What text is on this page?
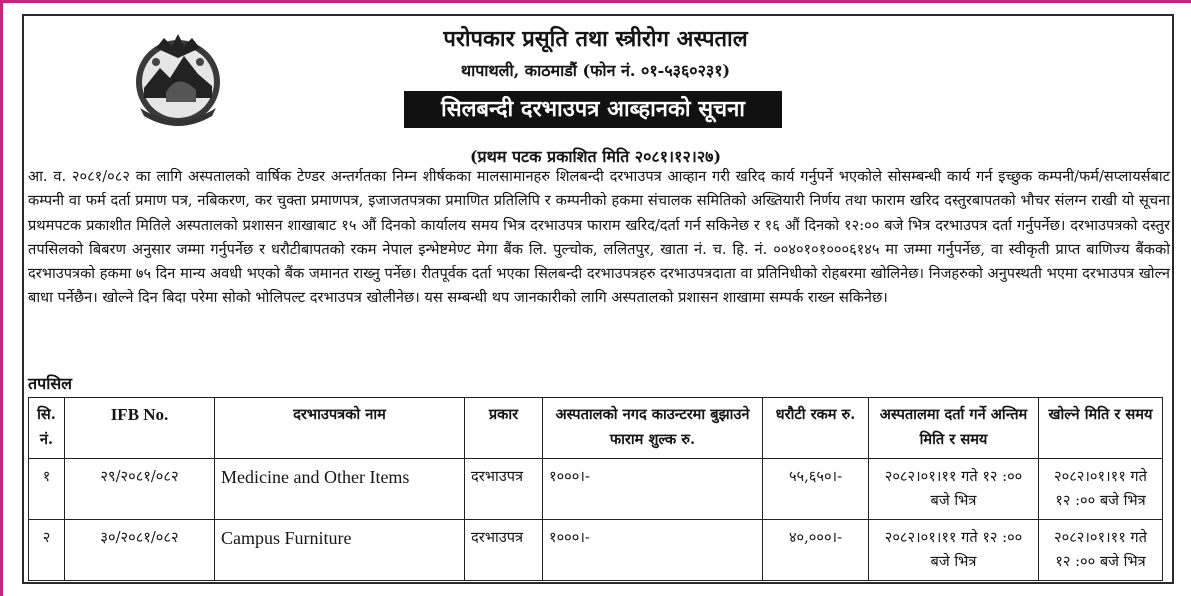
परोपकार प्रसूति तथा स्त्रीरोग अस्पताल
थापाथली, काठमाडौं (फोन नं. ०१-५३६०२३१)
सिलबन्दी दरभाउपत्र आब्हानको सूचना
(प्रथम पटक प्रकाशित मिति २०८१।१२।२७)

आ. व. २०८१/०८२ का लागि अस्पतालको वार्षिक टेण्डर अन्तर्गतका निम्न शीर्षकका मालसामानहरु शिलबन्दी दरभाउपत्र आव्हान गरी खरिद कार्य गर्नुपर्ने भएकोले सोसम्बन्धी कार्य गर्न इच्छुक कम्पनी/फर्म/सप्लायर्सबाट कम्पनी वा फर्म दर्ता प्रमाण पत्र, नबिकरण, कर चुक्ता प्रमाणपत्र, इजाजतपत्रका प्रमाणित प्रतिलिपि र कम्पनीको हकमा संचालक समितिको अख्तियारी निर्णय तथा फाराम खरिद दस्तुरबापतको भौचर संलग्न राखी यो सूचना प्रथमपटक प्रकाशीत मितिले अस्पतालको प्रशासन शाखाबाट १५ औं दिनको कार्यालय समय भित्र दरभाउपत्र फाराम खरिद/दर्ता गर्न सकिनेछ र १६ औं दिनको १२:०० बजे भित्र दरभाउपत्र दर्ता गर्नुपर्नेछ। दरभाउपत्रको दस्तुर तपसिलको बिबरण अनुसार जम्मा गर्नुपर्नेछ र धरौटीबापतको रकम नेपाल इन्भेष्टमेण्ट मेगा बैंक लि. पुल्चोक, ललितपुर, खाता नं. च. हि. नं. ००४०१०१०००६१४५ मा जम्मा गर्नुपर्नेछ, वा स्वीकृती प्राप्त बाणिज्य बैंकको दरभाउपत्रको हकमा ७५ दिन मान्य अवधी भएको बैंक जमानत राख्नु पर्नेछ। रीतपूर्वक दर्ता भएका सिलबन्दी दरभाउपत्रहरु दरभाउपत्रदाता वा प्रतिनिधीको रोहबरमा खोलिनेछ। निजहरुको अनुपस्थती भएमा दरभाउपत्र खोल्न बाधा पर्नेछैन। खोल्ने दिन बिदा परेमा सोको भोलिपल्ट दरभाउपत्र खोलीनेछ। यस सम्बन्धी थप जानकारीको लागि अस्पतालको प्रशासन शाखामा सम्पर्क राख्न सकिनेछ।

तपसिल
सि. नं.	IFB No.	दरभाउपत्रको नाम	प्रकार	अस्पतालको नगद काउन्टरमा बुझाउने फाराम शुल्क रु.	धरौटी रकम रु.	अस्पतालमा दर्ता गर्ने अन्तिम मिति र समय	खोल्ने मिति र समय
१	२९/२०८१/०८२	Medicine and Other Items	दरभाउपत्र	१०००।-	५५,६५०।-	२०८२।०१।११ गते १२ :०० बजे भित्र	२०८२।०१।११ गते १२ :०० बजे भित्र
२	३०/२०८१/०८२	Campus Furniture	दरभाउपत्र	१०००।-	४०,०००।-	२०८२।०१।११ गते १२ :०० बजे भित्र	२०८२।०१।११ गते १२ :०० बजे भित्र
